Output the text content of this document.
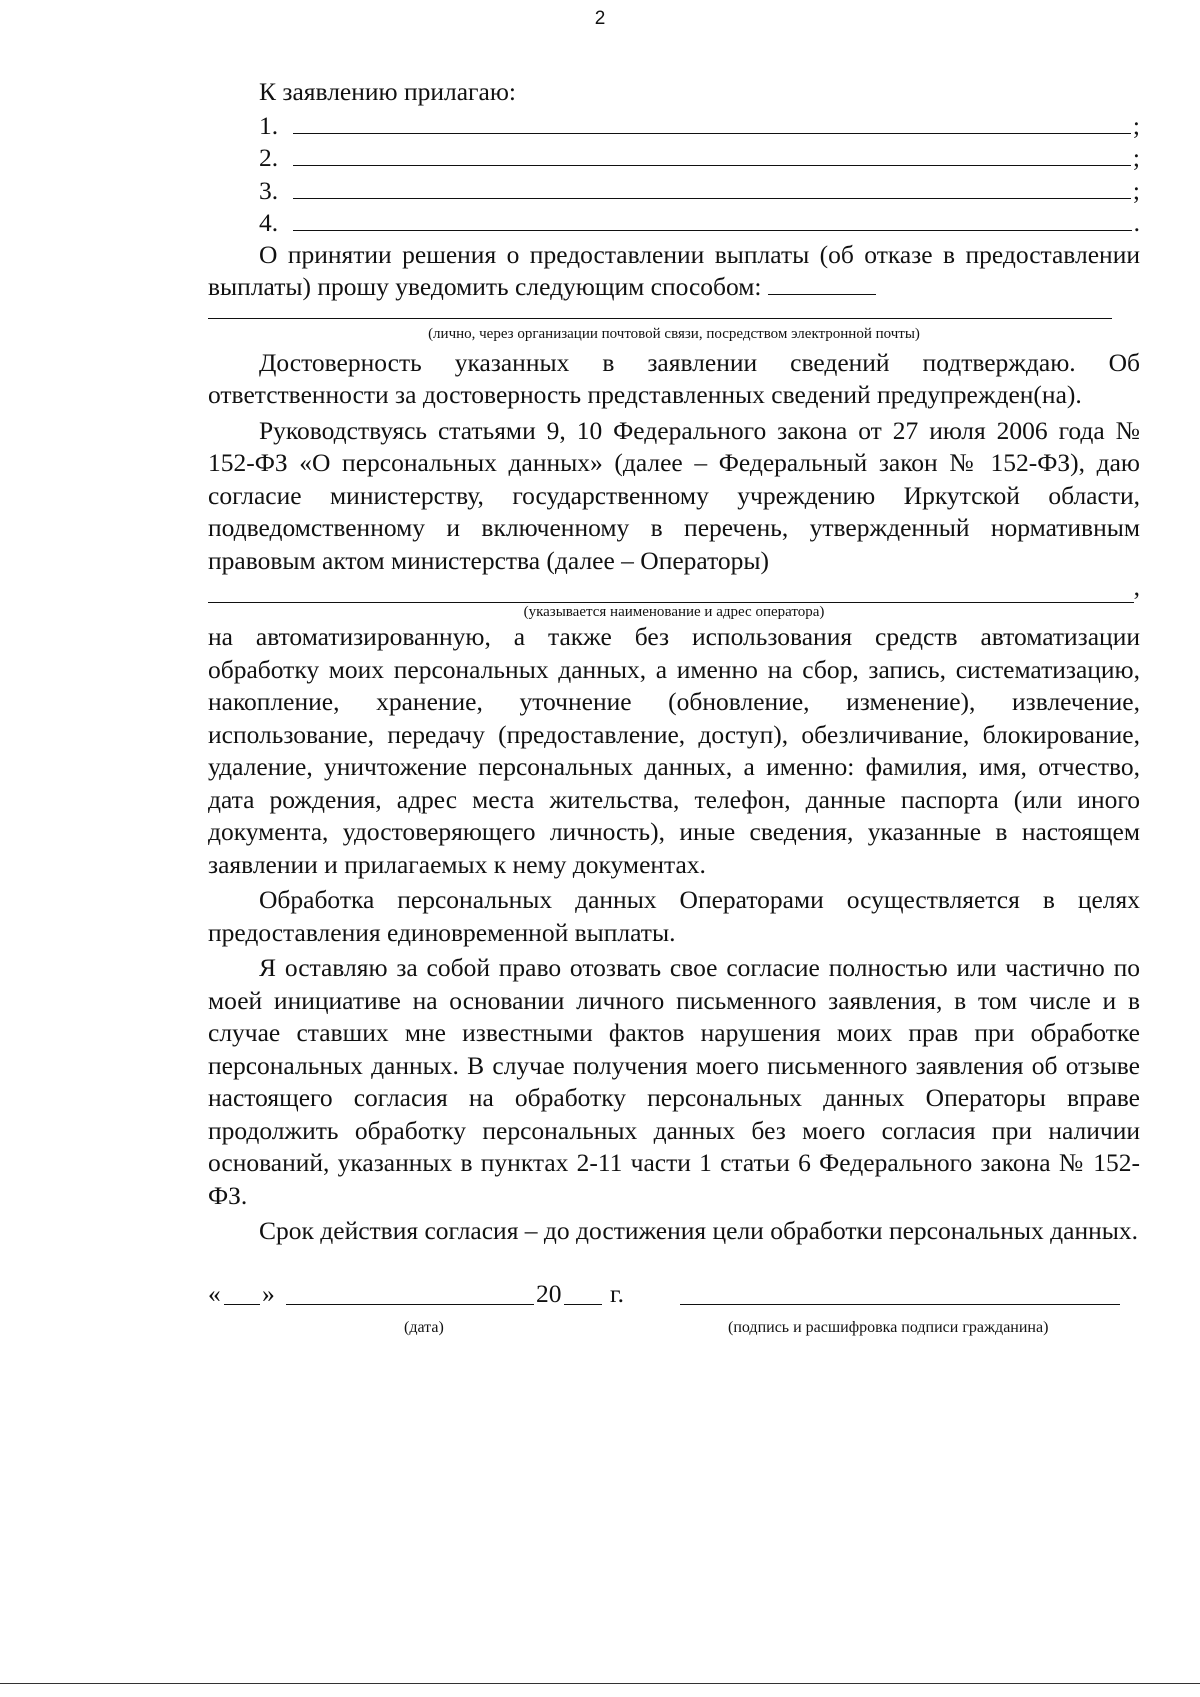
2

К заявлению прилагаю:

1.	;
2.	;
3.	;
4.	.

О принятии решения о предоставлении выплаты (об отказе в предоставлении выплаты) прошу уведомить следующим способом:

(лично, через организации почтовой связи, посредством электронной почты)

Достоверность указанных в заявлении сведений подтверждаю. Об ответственности за достоверность представленных сведений предупрежден(на).

Руководствуясь статьями 9, 10 Федерального закона от 27 июля 2006 года № 152-ФЗ «О персональных данных» (далее – Федеральный закон № 152-ФЗ), даю согласие министерству, государственному учреждению Иркутской области, подведомственному и включенному в перечень, утвержденный нормативным правовым актом министерства (далее – Операторы)

,
(указывается наименование и адрес оператора)

на автоматизированную, а также без использования средств автоматизации обработку моих персональных данных, а именно на сбор, запись, систематизацию, накопление, хранение, уточнение (обновление, изменение), извлечение, использование, передачу (предоставление, доступ), обезличивание, блокирование, удаление, уничтожение персональных данных, а именно: фамилия, имя, отчество, дата рождения, адрес места жительства, телефон, данные паспорта (или иного документа, удостоверяющего личность), иные сведения, указанные в настоящем заявлении и прилагаемых к нему документах.

Обработка персональных данных Операторами осуществляется в целях предоставления единовременной выплаты.

Я оставляю за собой право отозвать свое согласие полностью или частично по моей инициативе на основании личного письменного заявления, в том числе и в случае ставших мне известными фактов нарушения моих прав при обработке персональных данных. В случае получения моего письменного заявления об отзыве настоящего согласия на обработку персональных данных Операторы вправе продолжить обработку персональных данных без моего согласия при наличии оснований, указанных в пунктах 2-11 части 1 статьи 6 Федерального закона № 152-ФЗ.

Срок действия согласия – до достижения цели обработки персональных данных.

« »	20 г.
(дата)	(подпись и расшифровка подписи гражданина)
